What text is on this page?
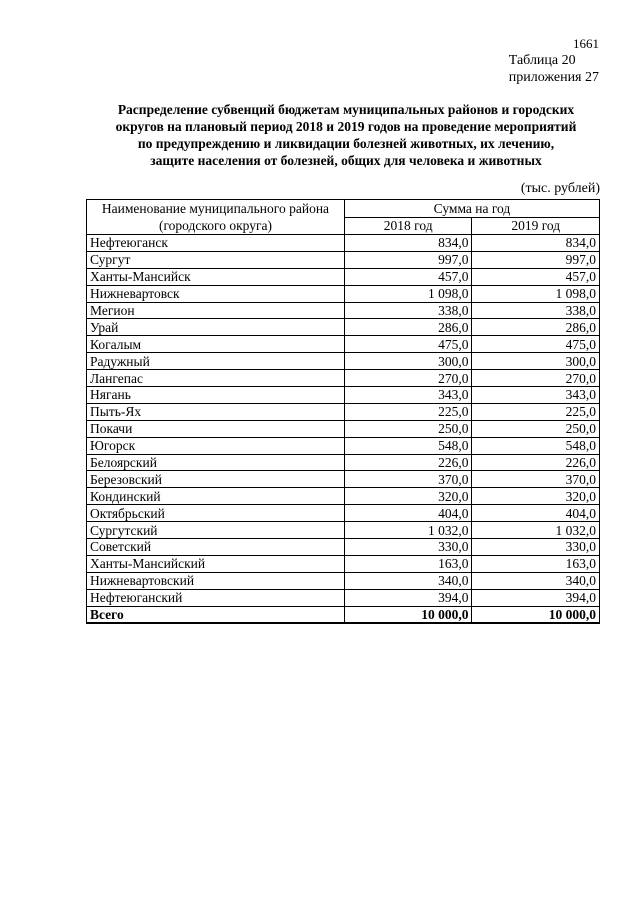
1661
Таблица 20
приложения 27
Распределение субвенций бюджетам муниципальных районов и городских
округов на плановый период 2018 и 2019 годов на проведение мероприятий
по предупреждению и ликвидации болезней животных, их лечению,
защите населения от болезней, общих для человека и животных
(тыс. рублей)
Наименование муниципального района
(городского округа)	Сумма на год	
	2018 год	2019 год
Нефтеюганск	834,0	834,0
Сургут	997,0	997,0
Ханты-Мансийск	457,0	457,0
Нижневартовск	1 098,0	1 098,0
Мегион	338,0	338,0
Урай	286,0	286,0
Когалым	475,0	475,0
Радужный	300,0	300,0
Лангепас	270,0	270,0
Нягань	343,0	343,0
Пыть-Ях	225,0	225,0
Покачи	250,0	250,0
Югорск	548,0	548,0
Белоярский	226,0	226,0
Березовский	370,0	370,0
Кондинский	320,0	320,0
Октябрьский	404,0	404,0
Сургутский	1 032,0	1 032,0
Советский	330,0	330,0
Ханты-Мансийский	163,0	163,0
Нижневартовский	340,0	340,0
Нефтеюганский	394,0	394,0
Всего	10 000,0	10 000,0
